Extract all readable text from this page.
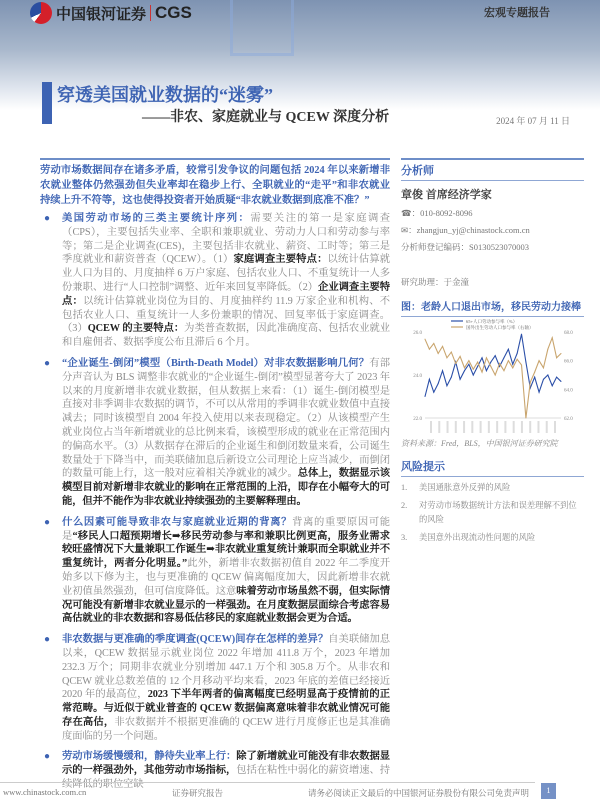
中国银河证券 CGS	宏观专题报告
穿透美国就业数据的“迷雾”
——非农、家庭就业与 QCEW 深度分析	2024 年 07 月 11 日
劳动市场数据间存在诸多矛盾，较常引发争议的问题包括 2024 年以来新增非农就业整体仍然强劲但失业率却在稳步上行、全职就业的“走平”和非农就业持续上升不符等，这也使得投资者开始质疑“非农就业数据到底准不准？”
● 美国劳动市场的三类主要统计序列：需要关注的第一是家庭调查（CPS），主要包括失业率、全职和兼职就业、劳动力人口和劳动参与率等；第二是企业调查(CES)，主要包括非农就业、薪资、工时等；第三是季度就业和薪资普查（QCEW）。（1）家庭调查主要特点：以统计估算就业人口为目的、月度抽样 6 万户家庭、包括农业人口、不重复统计一人多份兼职、进行“人口控制”调整、近年来回复率降低。（2）企业调查主要特点：以统计估算就业岗位为目的、月度抽样约 11.9 万家企业和机构、不包括农业人口、重复统计一人多份兼职的情况、回复率低于家庭调查。（3）QCEW 的主要特点：为类普查数据，因此准确度高、包括农业就业和自雇佣者、数据季度公布且滞后 6 个月。
● “企业诞生-倒闭”模型（Birth-Death Model）对非农数据影响几何？有部分声音认为 BLS 调整非农就业的“企业诞生-倒闭”模型显著夸大了 2023 年以来的月度新增非农就业数据，但从数据上来看：（1）诞生-倒闭模型是直接对非季调非农数据的调节，不可以从常用的季调非农就业数值中直接减去；同时该模型自 2004 年投入使用以来表现稳定。（2）从该模型产生就业岗位占当年新增就业的总比例来看，该模型形成的就业在正常范围内的偏高水平。（3）从数据存在滞后的企业诞生和倒闭数量来看，公司诞生数量处于下降当中，而美联储加息后新设立公司理论上应当减少，而倒闭的数量可能上行，这一般对应着相关净就业的减少。总体上，数据显示该模型目前对新增非农就业的影响在正常范围的上沿，即存在小幅夸大的可能，但并不能作为非农就业持续强劲的主要解释理由。
● 什么因素可能导致非农与家庭就业近期的背离？背离的重要原因可能是“移民人口超预期增长➡移民劳动参与率和兼职比例更高，服务业需求较旺盛情况下大量兼职工作诞生➡非农就业重复统计兼职而全职就业并不重复统计，两者分化明显。”此外，新增非农数据初值自 2022 年二季度开始多以下修为主，也与更准确的 QCEW 偏离幅度加大，因此新增非农就业初值虽然强劲，但可信度降低。这意味着劳动市场虽然不弱，但实际情况可能没有新增非农就业显示的一样强劲。在月度数据层面综合考虑容易高估就业的非农数据和容易低估移民的家庭就业数据会更为合适。
● 非农数据与更准确的季度调查(QCEW)间存在怎样的差异？自美联储加息以来，QCEW 数据显示就业岗位 2022 年增加 411.8 万个，2023 年增加 232.3 万个；同期非农就业分别增加 447.1 万个和 305.8 万个。从非农和 QCEW 就业总数差值的 12 个月移动平均来看，2023 年底的差值已经接近 2020 年的最高位，2023 下半年两者的偏离幅度已经明显高于疫情前的正常范畴。与近似于就业普查的 QCEW 数据偏离意味着非农就业情况可能存在高估，非农数据并不根据更准确的 QCEW 进行月度修正也是其准确度面临的另一个问题。
● 劳动市场缓慢缓和，静待失业率上行：除了新增就业可能没有非农数据显示的一样强劲外，其他劳动市场指标，包括在粘性中弱化的薪资增速、持续降低的职位空缺
分析师
章俊 首席经济学家
☎：010-8092-8096
✉：zhangjun_yj@chinastock.com.cn
分析师登记编码：S0130523070003
研究助理：于金潼
图：老龄人口退出市场，移民劳动力接棒
26.0
24.0
22.0
68.0
66.0
64.0
62.0
65+人口劳动参与率（%）
国外出生劳动人口参与率（右轴）
资料来源：Fred，BLS，中国银河证券研究院
风险提示
1.	美国通胀意外反弹的风险
2.	对劳动市场数据统计方法和误差理解不到位的风险
3.	美国意外出现流动性问题的风险
www.chinastock.com.cn	证券研究报告	请务必阅读正文最后的中国银河证券股份有限公司免责声明	1
